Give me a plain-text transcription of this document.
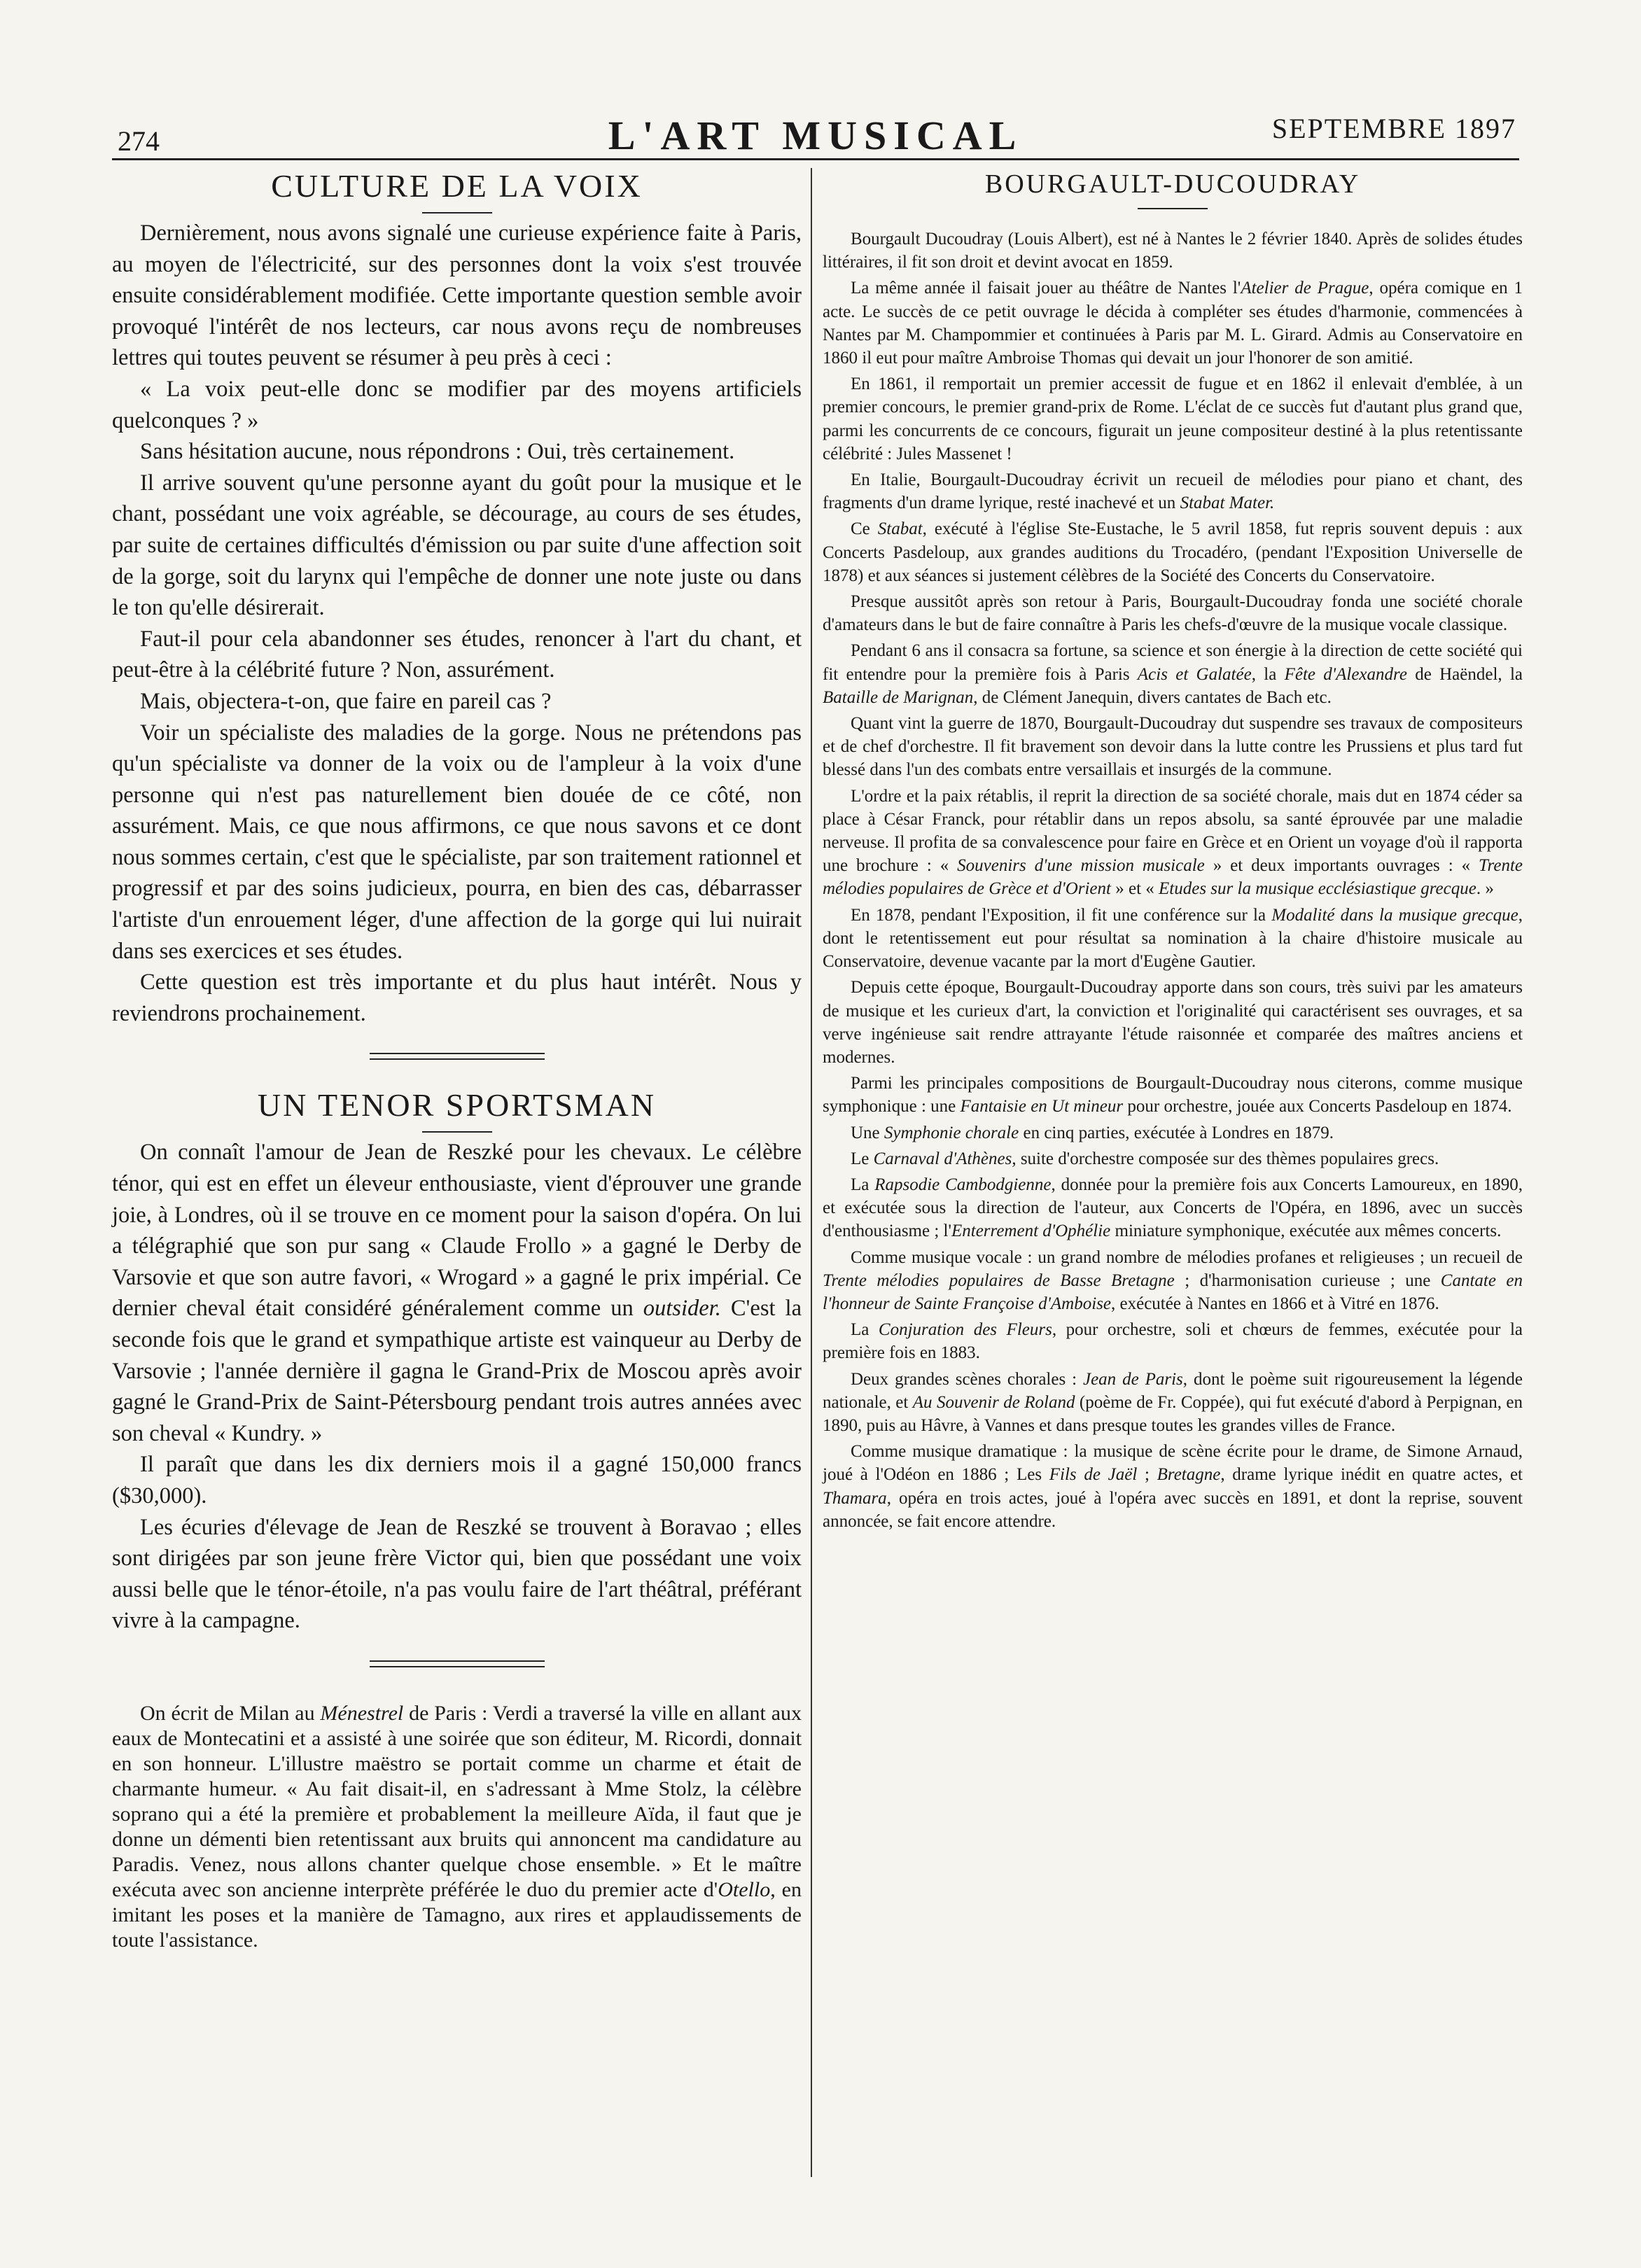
274	L'ART MUSICAL	SEPTEMBRE 1897
CULTURE DE LA VOIX

Dernièrement, nous avons signalé une curieuse expérience faite à Paris, au moyen de l'électricité, sur des personnes dont la voix s'est trouvée ensuite considérablement modifiée. Cette importante question semble avoir provoqué l'intérêt de nos lecteurs, car nous avons reçu de nombreuses lettres qui toutes peuvent se résumer à peu près à ceci :

« La voix peut-elle donc se modifier par des moyens artificiels quelconques ? »

Sans hésitation aucune, nous répondrons : Oui, très certainement.

Il arrive souvent qu'une personne ayant du goût pour la musique et le chant, possédant une voix agréable, se décourage, au cours de ses études, par suite de certaines difficultés d'émission ou par suite d'une affection soit de la gorge, soit du larynx qui l'empêche de donner une note juste ou dans le ton qu'elle désirerait.

Faut-il pour cela abandonner ses études, renoncer à l'art du chant, et peut-être à la célébrité future ? Non, assurément.

Mais, objectera-t-on, que faire en pareil cas ?

Voir un spécialiste des maladies de la gorge. Nous ne prétendons pas qu'un spécialiste va donner de la voix ou de l'ampleur à la voix d'une personne qui n'est pas naturellement bien douée de ce côté, non assurément. Mais, ce que nous affirmons, ce que nous savons et ce dont nous sommes certain, c'est que le spécialiste, par son traitement rationnel et progressif et par des soins judicieux, pourra, en bien des cas, débarrasser l'artiste d'un enrouement léger, d'une affection de la gorge qui lui nuirait dans ses exercices et ses études.

Cette question est très importante et du plus haut intérêt. Nous y reviendrons prochainement.

UN TENOR SPORTSMAN

On connaît l'amour de Jean de Reszké pour les chevaux. Le célèbre ténor, qui est en effet un éleveur enthousiaste, vient d'éprouver une grande joie, à Londres, où il se trouve en ce moment pour la saison d'opéra. On lui a télégraphié que son pur sang « Claude Frollo » a gagné le Derby de Varsovie et que son autre favori, « Wrogard » a gagné le prix impérial. Ce dernier cheval était considéré généralement comme un outsider. C'est la seconde fois que le grand et sympathique artiste est vainqueur au Derby de Varsovie ; l'année dernière il gagna le Grand-Prix de Moscou après avoir gagné le Grand-Prix de Saint-Pétersbourg pendant trois autres années avec son cheval « Kundry. »

Il paraît que dans les dix derniers mois il a gagné 150,000 francs ($30,000).

Les écuries d'élevage de Jean de Reszké se trouvent à Boravao ; elles sont dirigées par son jeune frère Victor qui, bien que possédant une voix aussi belle que le ténor-étoile, n'a pas voulu faire de l'art théâtral, préférant vivre à la campagne.

On écrit de Milan au Ménestrel de Paris : Verdi a traversé la ville en allant aux eaux de Montecatini et a assisté à une soirée que son éditeur, M. Ricordi, donnait en son honneur. L'illustre maëstro se portait comme un charme et était de charmante humeur. « Au fait disait-il, en s'adressant à Mme Stolz, la célèbre soprano qui a été la première et probablement la meilleure Aïda, il faut que je donne un démenti bien retentissant aux bruits qui annoncent ma candidature au Paradis. Venez, nous allons chanter quelque chose ensemble. » Et le maître exécuta avec son ancienne interprète préférée le duo du premier acte d'Otello, en imitant les poses et la manière de Tamagno, aux rires et applaudissements de toute l'assistance.

BOURGAULT-DUCOUDRAY

Bourgault Ducoudray (Louis Albert), est né à Nantes le 2 février 1840. Après de solides études littéraires, il fit son droit et devint avocat en 1859.

La même année il faisait jouer au théâtre de Nantes l'Atelier de Prague, opéra comique en 1 acte. Le succès de ce petit ouvrage le décida à compléter ses études d'harmonie, commencées à Nantes par M. Champommier et continuées à Paris par M. L. Girard. Admis au Conservatoire en 1860 il eut pour maître Ambroise Thomas qui devait un jour l'honorer de son amitié.

En 1861, il remportait un premier accessit de fugue et en 1862 il enlevait d'emblée, à un premier concours, le premier grand-prix de Rome. L'éclat de ce succès fut d'autant plus grand que, parmi les concurrents de ce concours, figurait un jeune compositeur destiné à la plus retentissante célébrité : Jules Massenet !

En Italie, Bourgault-Ducoudray écrivit un recueil de mélodies pour piano et chant, des fragments d'un drame lyrique, resté inachevé et un Stabat Mater.

Ce Stabat, exécuté à l'église Ste-Eustache, le 5 avril 1858, fut repris souvent depuis : aux Concerts Pasdeloup, aux grandes auditions du Trocadéro, (pendant l'Exposition Universelle de 1878) et aux séances si justement célèbres de la Société des Concerts du Conservatoire.

Presque aussitôt après son retour à Paris, Bourgault-Ducoudray fonda une société chorale d'amateurs dans le but de faire connaître à Paris les chefs-d'œuvre de la musique vocale classique.

Pendant 6 ans il consacra sa fortune, sa science et son énergie à la direction de cette société qui fit entendre pour la première fois à Paris Acis et Galatée, la Fête d'Alexandre de Haëndel, la Bataille de Marignan, de Clément Janequin, divers cantates de Bach etc.

Quant vint la guerre de 1870, Bourgault-Ducoudray dut suspendre ses travaux de compositeurs et de chef d'orchestre. Il fit bravement son devoir dans la lutte contre les Prussiens et plus tard fut blessé dans l'un des combats entre versaillais et insurgés de la commune.

L'ordre et la paix rétablis, il reprit la direction de sa société chorale, mais dut en 1874 céder sa place à César Franck, pour rétablir dans un repos absolu, sa santé éprouvée par une maladie nerveuse. Il profita de sa convalescence pour faire en Grèce et en Orient un voyage d'où il rapporta une brochure : « Souvenirs d'une mission musicale » et deux importants ouvrages : « Trente mélodies populaires de Grèce et d'Orient » et « Etudes sur la musique ecclésiastique grecque. »

En 1878, pendant l'Exposition, il fit une conférence sur la Modalité dans la musique grecque, dont le retentissement eut pour résultat sa nomination à la chaire d'histoire musicale au Conservatoire, devenue vacante par la mort d'Eugène Gautier.

Depuis cette époque, Bourgault-Ducoudray apporte dans son cours, très suivi par les amateurs de musique et les curieux d'art, la conviction et l'originalité qui caractérisent ses ouvrages, et sa verve ingénieuse sait rendre attrayante l'étude raisonnée et comparée des maîtres anciens et modernes.

Parmi les principales compositions de Bourgault-Ducoudray nous citerons, comme musique symphonique : une Fantaisie en Ut mineur pour orchestre, jouée aux Concerts Pasdeloup en 1874.

Une Symphonie chorale en cinq parties, exécutée à Londres en 1879.

Le Carnaval d'Athènes, suite d'orchestre composée sur des thèmes populaires grecs.

La Rapsodie Cambodgienne, donnée pour la première fois aux Concerts Lamoureux, en 1890, et exécutée sous la direction de l'auteur, aux Concerts de l'Opéra, en 1896, avec un succès d'enthousiasme ; l'Enterrement d'Ophélie miniature symphonique, exécutée aux mêmes concerts.

Comme musique vocale : un grand nombre de mélodies profanes et religieuses ; un recueil de Trente mélodies populaires de Basse Bretagne ; d'harmonisation curieuse ; une Cantate en l'honneur de Sainte Françoise d'Amboise, exécutée à Nantes en 1866 et à Vitré en 1876.

La Conjuration des Fleurs, pour orchestre, soli et chœurs de femmes, exécutée pour la première fois en 1883.

Deux grandes scènes chorales : Jean de Paris, dont le poème suit rigoureusement la légende nationale, et Au Souvenir de Roland (poème de Fr. Coppée), qui fut exécuté d'abord à Perpignan, en 1890, puis au Hâvre, à Vannes et dans presque toutes les grandes villes de France.

Comme musique dramatique : la musique de scène écrite pour le drame, de Simone Arnaud, joué à l'Odéon en 1886 ; Les Fils de Jaël ; Bretagne, drame lyrique inédit en quatre actes, et Thamara, opéra en trois actes, joué à l'opéra avec succès en 1891, et dont la reprise, souvent annoncée, se fait encore attendre.
